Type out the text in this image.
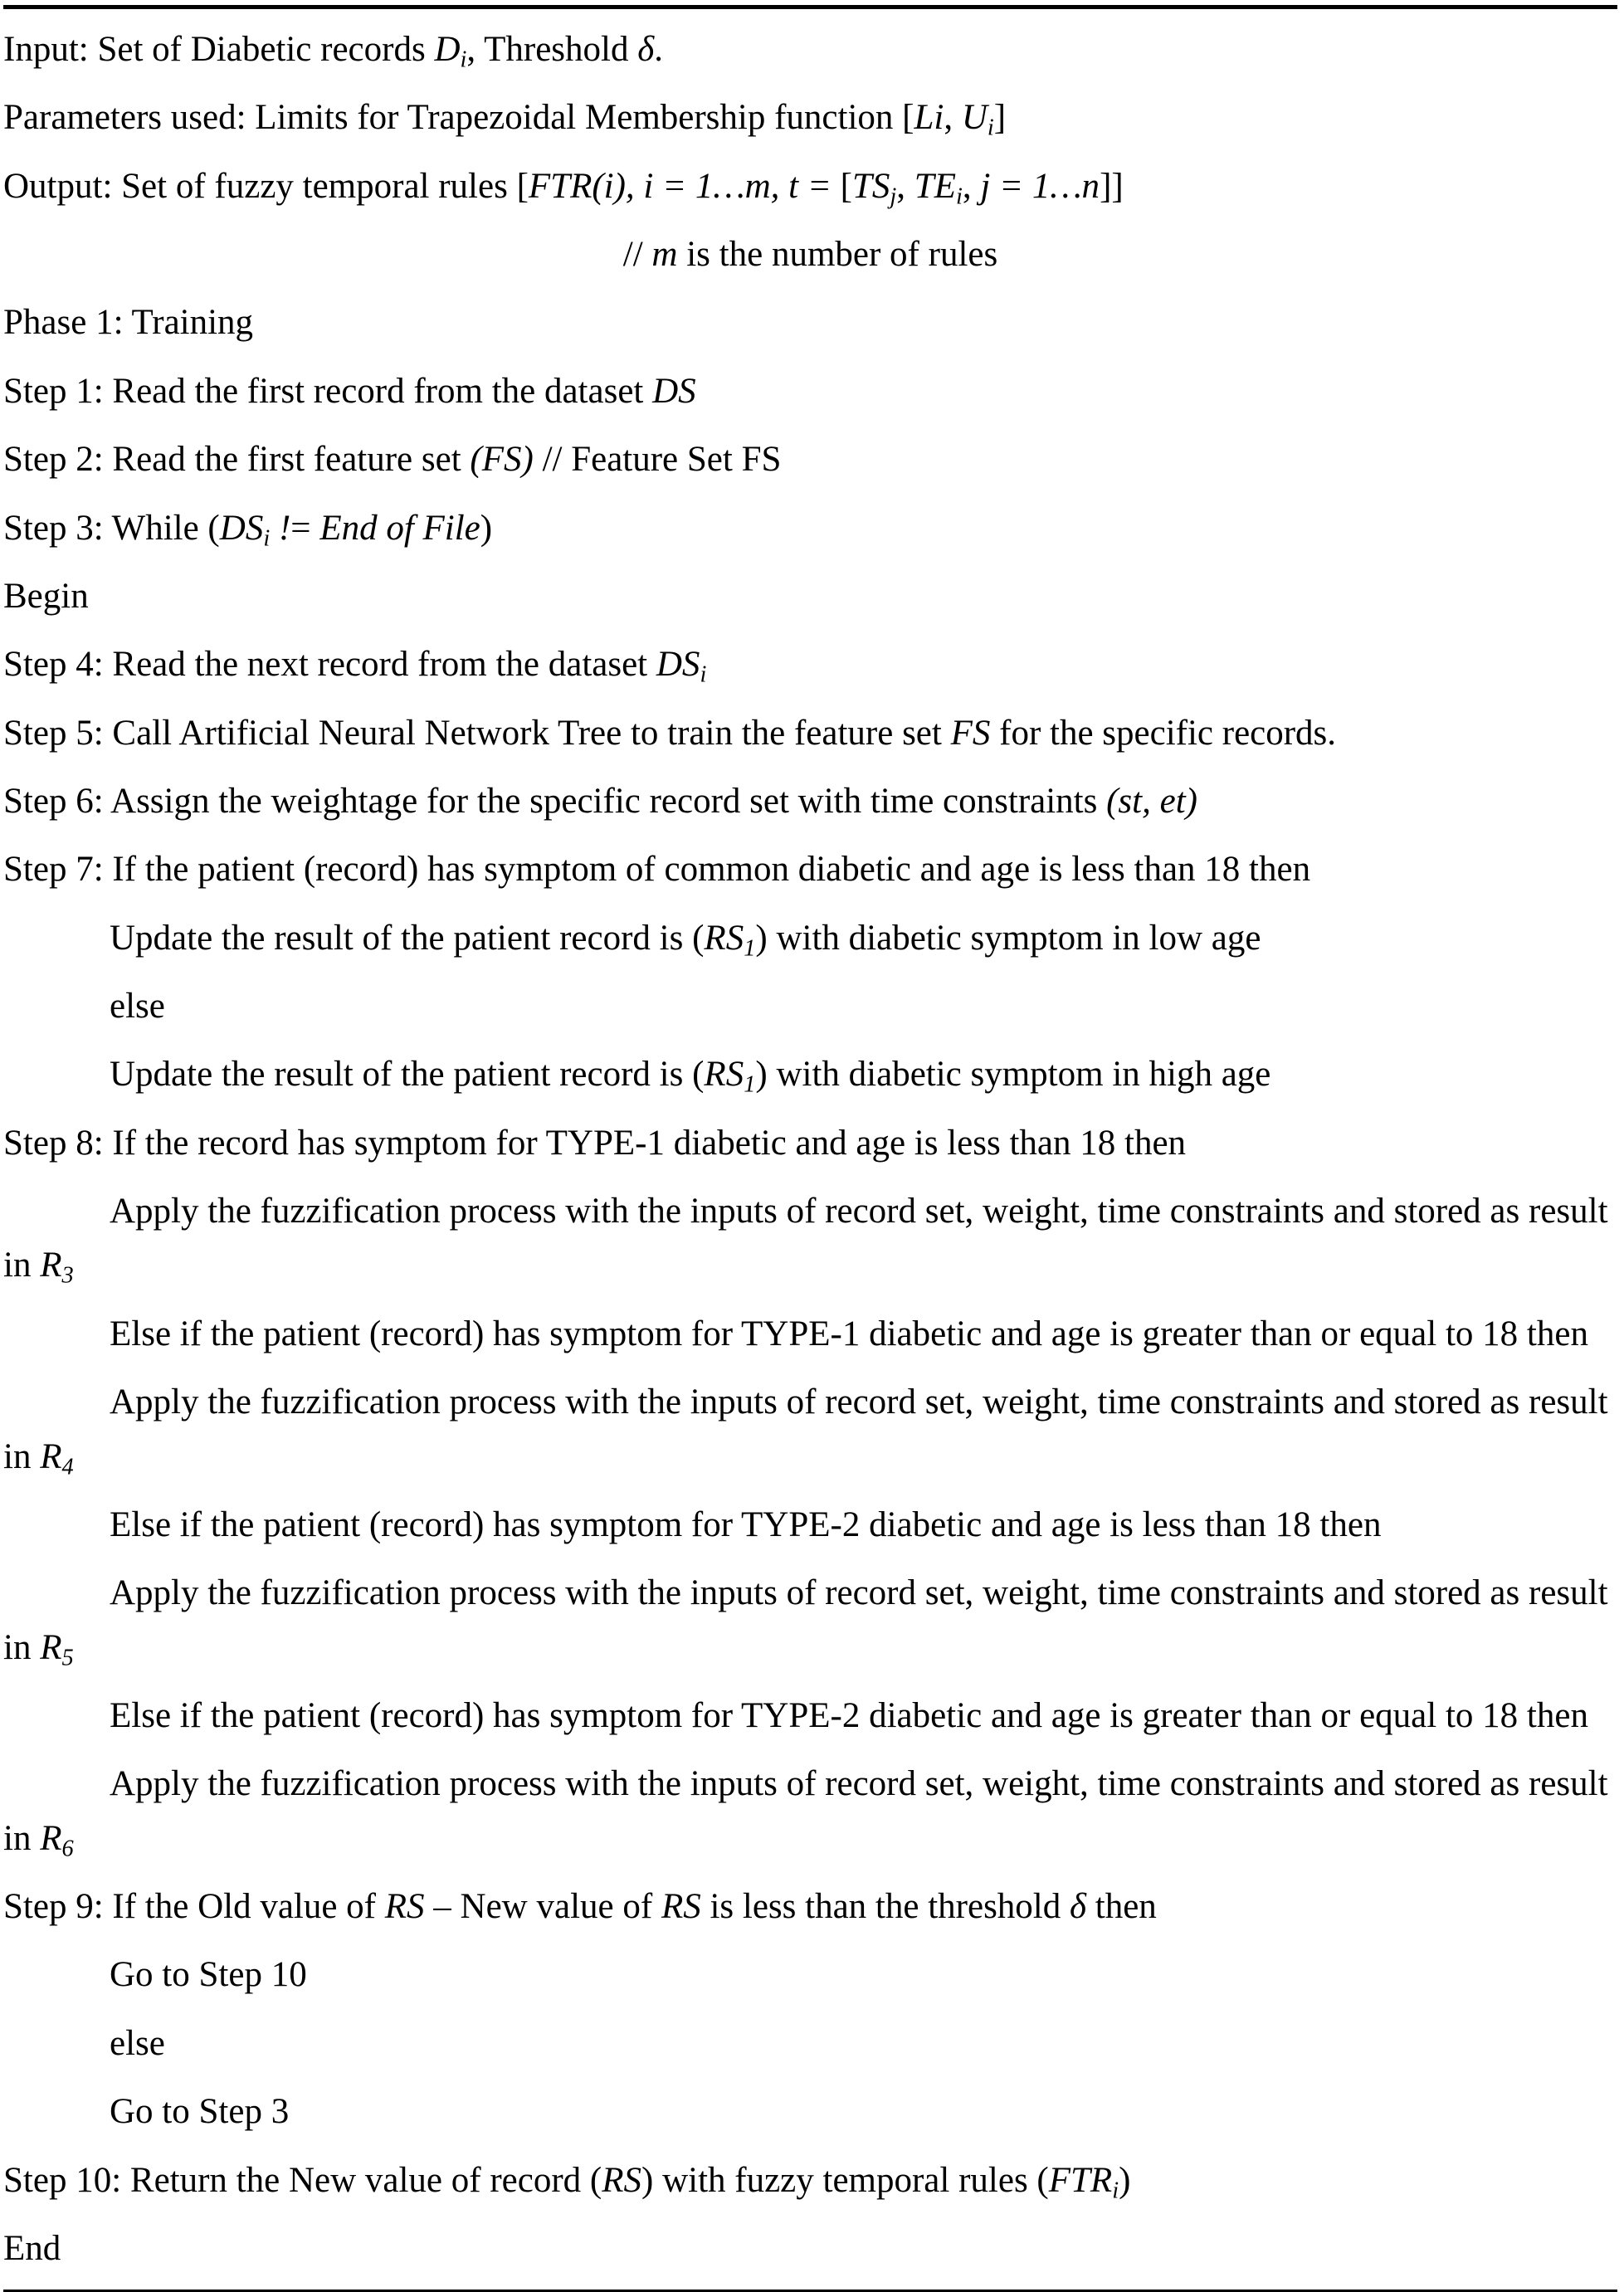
Input: Set of Diabetic records $D_i$, Threshold δ.

Parameters used: Limits for Trapezoidal Membership function [Li, $U_i$]

Output: Set of fuzzy temporal rules [FTR(i), i = 1…m, $t = [TS_j$, $TE_i$, j = 1…n]]

// m is the number of rules

Phase 1: Training

Step 1: Read the first record from the dataset DS

Step 2: Read the first feature set (FS) // Feature Set FS

Step 3: While ($DS_i$ != End of File)

Begin

Step 4: Read the next record from the dataset $DS_i$

Step 5: Call Artificial Neural Network Tree to train the feature set FS for the specific records.

Step 6: Assign the weightage for the specific record set with time constraints (st, et)

Step 7: If the patient (record) has symptom of common diabetic and age is less than 18 then

Update the result of the patient record is $(RS_1)$ with diabetic symptom in low age

else

Update the result of the patient record is $(RS_1)$ with diabetic symptom in high age

Step 8: If the record has symptom for TYPE-1 diabetic and age is less than 18 then

Apply the fuzzification process with the inputs of record set, weight, time constraints and stored as result in $R_3$

Else if the patient (record) has symptom for TYPE-1 diabetic and age is greater than or equal to 18 then

Apply the fuzzification process with the inputs of record set, weight, time constraints and stored as result in $R_4$

Else if the patient (record) has symptom for TYPE-2 diabetic and age is less than 18 then

Apply the fuzzification process with the inputs of record set, weight, time constraints and stored as result in $R_5$

Else if the patient (record) has symptom for TYPE-2 diabetic and age is greater than or equal to 18 then

Apply the fuzzification process with the inputs of record set, weight, time constraints and stored as result in $R_6$

Step 9: If the Old value of RS – New value of RS is less than the threshold δ then

Go to Step 10

else

Go to Step 3

Step 10: Return the New value of record (RS) with fuzzy temporal rules $(FTR_i)$

End
